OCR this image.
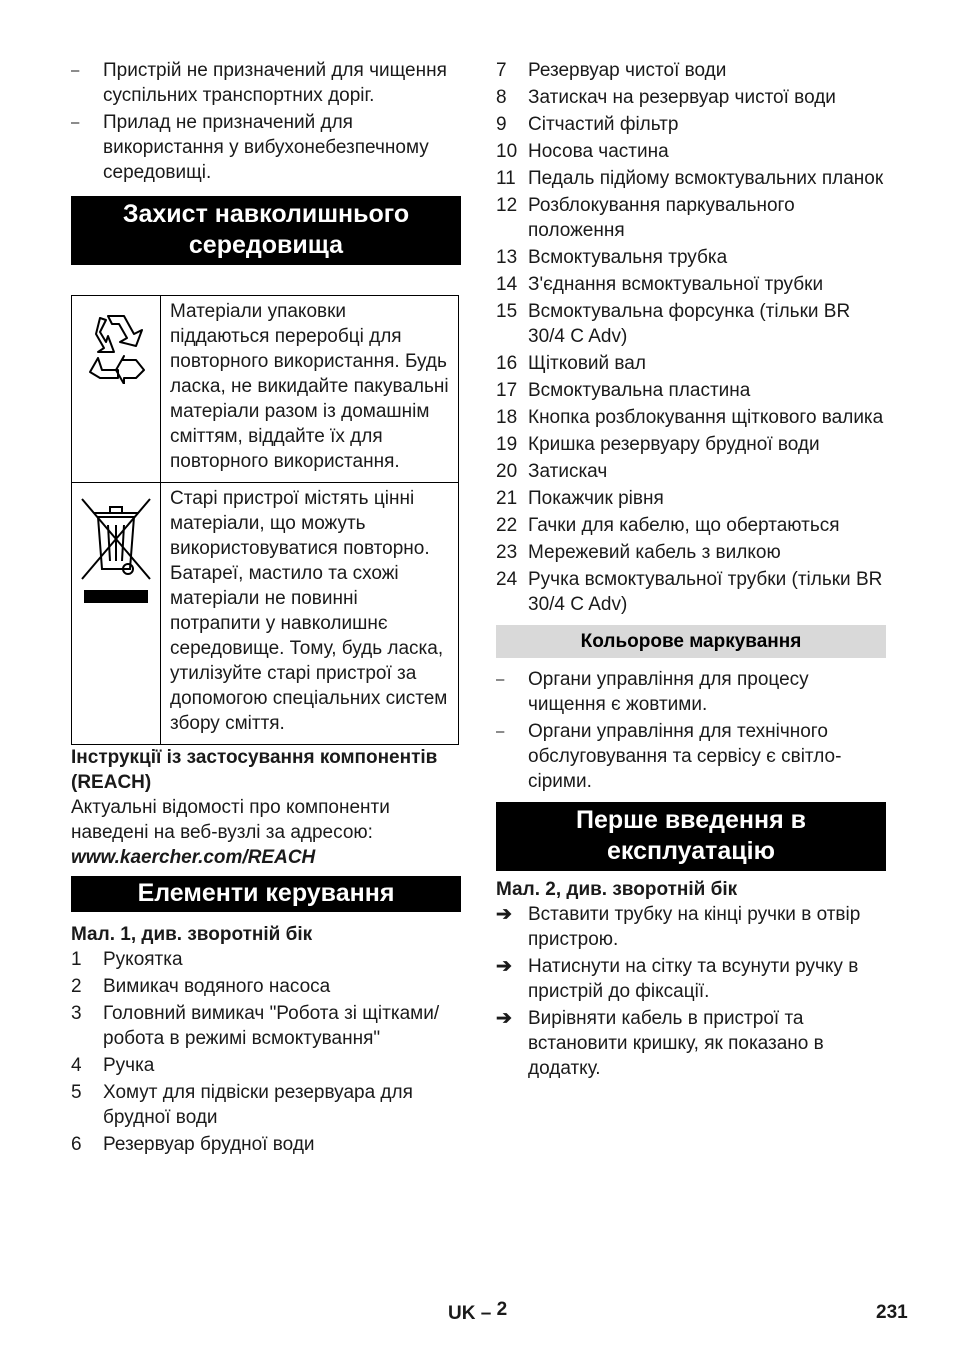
–	Пристрій не призначений для чищення суспільних транспортних доріг.
–	Прилад не призначений для використання у вибухонебезпечному середовищі.
Захист навколишнього середовища
	Матеріали упаковки піддаються переробці для повторного використання. Будь ласка, не викидайте пакувальні матеріали разом із домашнім сміттям, віддайте їх для повторного використання.
	Старі пристрої містять цінні матеріали, що можуть використовуватися повторно. Батареї, мастило та схожі матеріали не повинні потрапити у навколишнє середовище. Тому, будь ласка, утилізуйте старі пристрої за допомогою спеціальних систем збору сміття.
Інструкції із застосування компонентів (REACH)
Актуальні відомості про компоненти наведені на веб-вузлі за адресою:
www.kaercher.com/REACH
Елементи керування
Мал. 1, див. зворотній бік
1	Рукоятка
2	Вимикач водяного насоса
3	Головний вимикач "Робота зі щітками/робота в режимі всмоктування"
4	Ручка
5	Хомут для підвіски резервуара для брудної води
6	Резервуар брудної води
7	Резервуар чистої води
8	Затискач на резервуар чистої води
9	Сітчастий фільтр
10 Носова частина
11 Педаль підйому всмоктувальних планок
12 Розблокування паркувального положення
13 Всмоктувальня трубка
14 З'єднання всмоктувальної трубки
15 Всмоктувальна форсунка (тільки BR 30/4 C Adv)
16 Щітковий вал
17 Всмоктувальна пластина
18 Кнопка розблокування щіткового валика
19 Кришка резервуару брудної води
20 Затискач
21 Покажчик рівня
22 Гачки для кабелю, що обертаються
23 Мережевий кабель з вилкою
24 Ручка всмоктувальної трубки (тільки BR 30/4 C Adv)
Кольорове маркування
–	Органи управління для процесу чищення є жовтими.
–	Органи управління для технічного обслуговування та сервісу є світло-сірими.
Перше введення в експлуатацію
Мал. 2, див. зворотній бік
➔ Вставити трубку на кінці ручки в отвір пристрою.
➔ Натиснути на сітку та всунути ручку в пристрій до фіксації.
➔ Вирівняти кабель в пристрої та встановити кришку, як показано в додатку.
UK – $^2$	231
